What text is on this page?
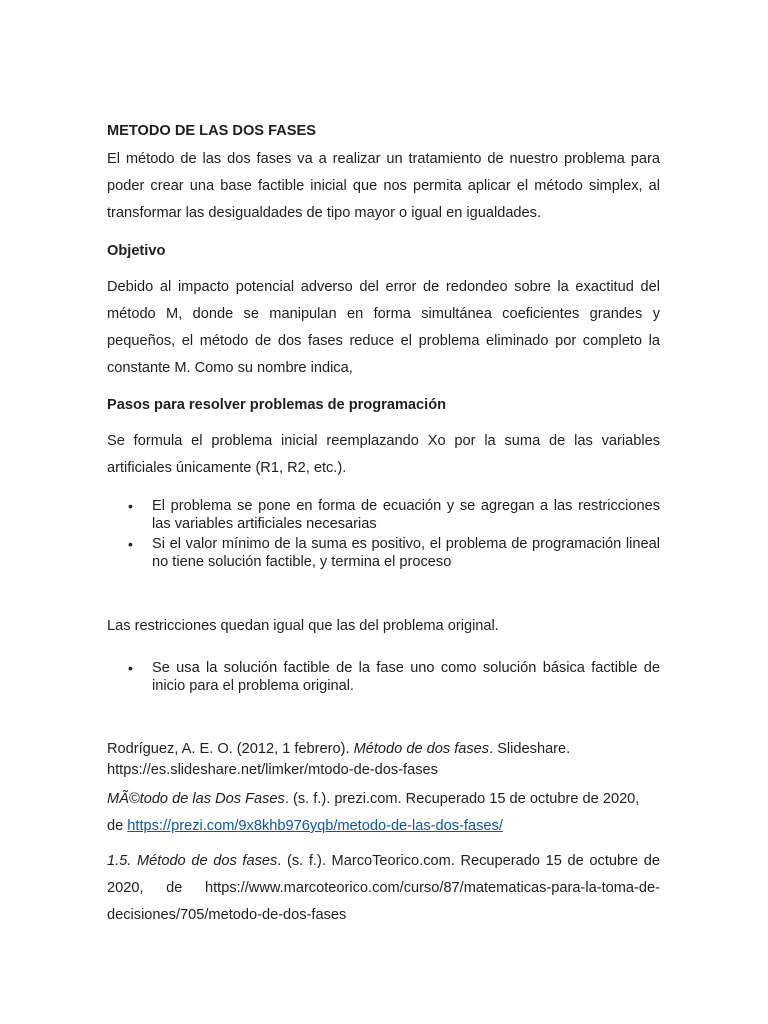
METODO DE LAS DOS FASES

El método de las dos fases va a realizar un tratamiento de nuestro problema para poder crear una base factible inicial que nos permita aplicar el método simplex, al transformar las desigualdades de tipo mayor o igual en igualdades.

Objetivo

Debido al impacto potencial adverso del error de redondeo sobre la exactitud del método M, donde se manipulan en forma simultánea coeficientes grandes y pequeños, el método de dos fases reduce el problema eliminado por completo la constante M. Como su nombre indica,

Pasos para resolver problemas de programación

Se formula el problema inicial reemplazando Xo por la suma de las variables artificiales únicamente (R1, R2, etc.).

• El problema se pone en forma de ecuación y se agregan a las restricciones las variables artificiales necesarias
• Si el valor mínimo de la suma es positivo, el problema de programación lineal no tiene solución factible, y termina el proceso

Las restricciones quedan igual que las del problema original.

• Se usa la solución factible de la fase uno como solución básica factible de inicio para el problema original.
Rodríguez, A. E. O. (2012, 1 febrero). Método de dos fases. Slideshare.
https://es.slideshare.net/limker/mtodo-de-dos-fases
MÃ©todo de las Dos Fases. (s. f.). prezi.com. Recuperado 15 de octubre de 2020,
de https://prezi.com/9x8khb976yqb/metodo-de-las-dos-fases/

1.5. Método de dos fases. (s. f.). MarcoTeorico.com. Recuperado 15 de octubre de 2020, de https://www.marcoteorico.com/curso/87/matematicas-para-la-toma-de-decisiones/705/metodo-de-dos-fases
